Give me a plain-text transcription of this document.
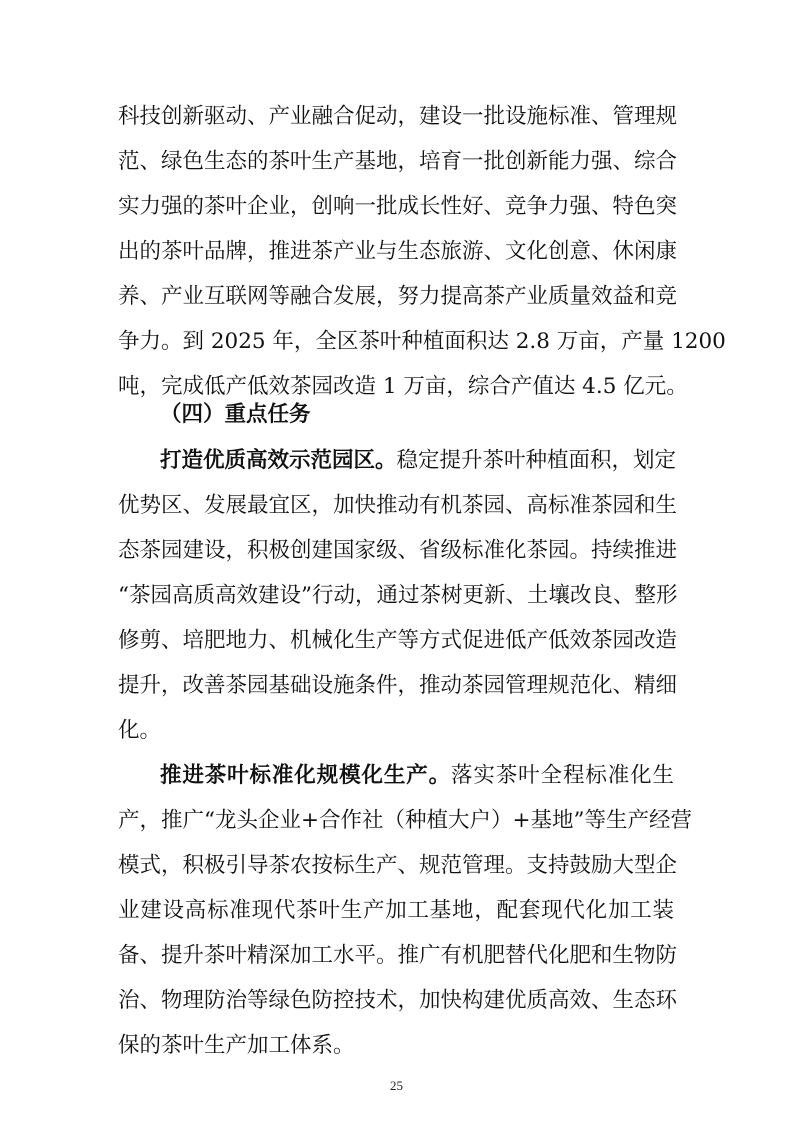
科技创新驱动、产业融合促动，建设一批设施标准、管理规
范、绿色生态的茶叶生产基地，培育一批创新能力强、综合
实力强的茶叶企业，创响一批成长性好、竞争力强、特色突
出的茶叶品牌，推进茶产业与生态旅游、文化创意、休闲康
养、产业互联网等融合发展，努力提高茶产业质量效益和竞
争力。到 2025 年，全区茶叶种植面积达 2.8 万亩，产量 1200
吨，完成低产低效茶园改造 1 万亩，综合产值达 4.5 亿元。
（四）重点任务
打造优质高效示范园区。稳定提升茶叶种植面积，划定
优势区、发展最宜区，加快推动有机茶园、高标准茶园和生
态茶园建设，积极创建国家级、省级标准化茶园。持续推进
“茶园高质高效建设”行动，通过茶树更新、土壤改良、整形
修剪、培肥地力、机械化生产等方式促进低产低效茶园改造
提升，改善茶园基础设施条件，推动茶园管理规范化、精细
化。
推进茶叶标准化规模化生产。落实茶叶全程标准化生
产，推广“龙头企业+合作社（种植大户）+基地”等生产经营
模式，积极引导茶农按标生产、规范管理。支持鼓励大型企
业建设高标准现代茶叶生产加工基地，配套现代化加工装
备、提升茶叶精深加工水平。推广有机肥替代化肥和生物防
治、物理防治等绿色防控技术，加快构建优质高效、生态环
保的茶叶生产加工体系。
25
